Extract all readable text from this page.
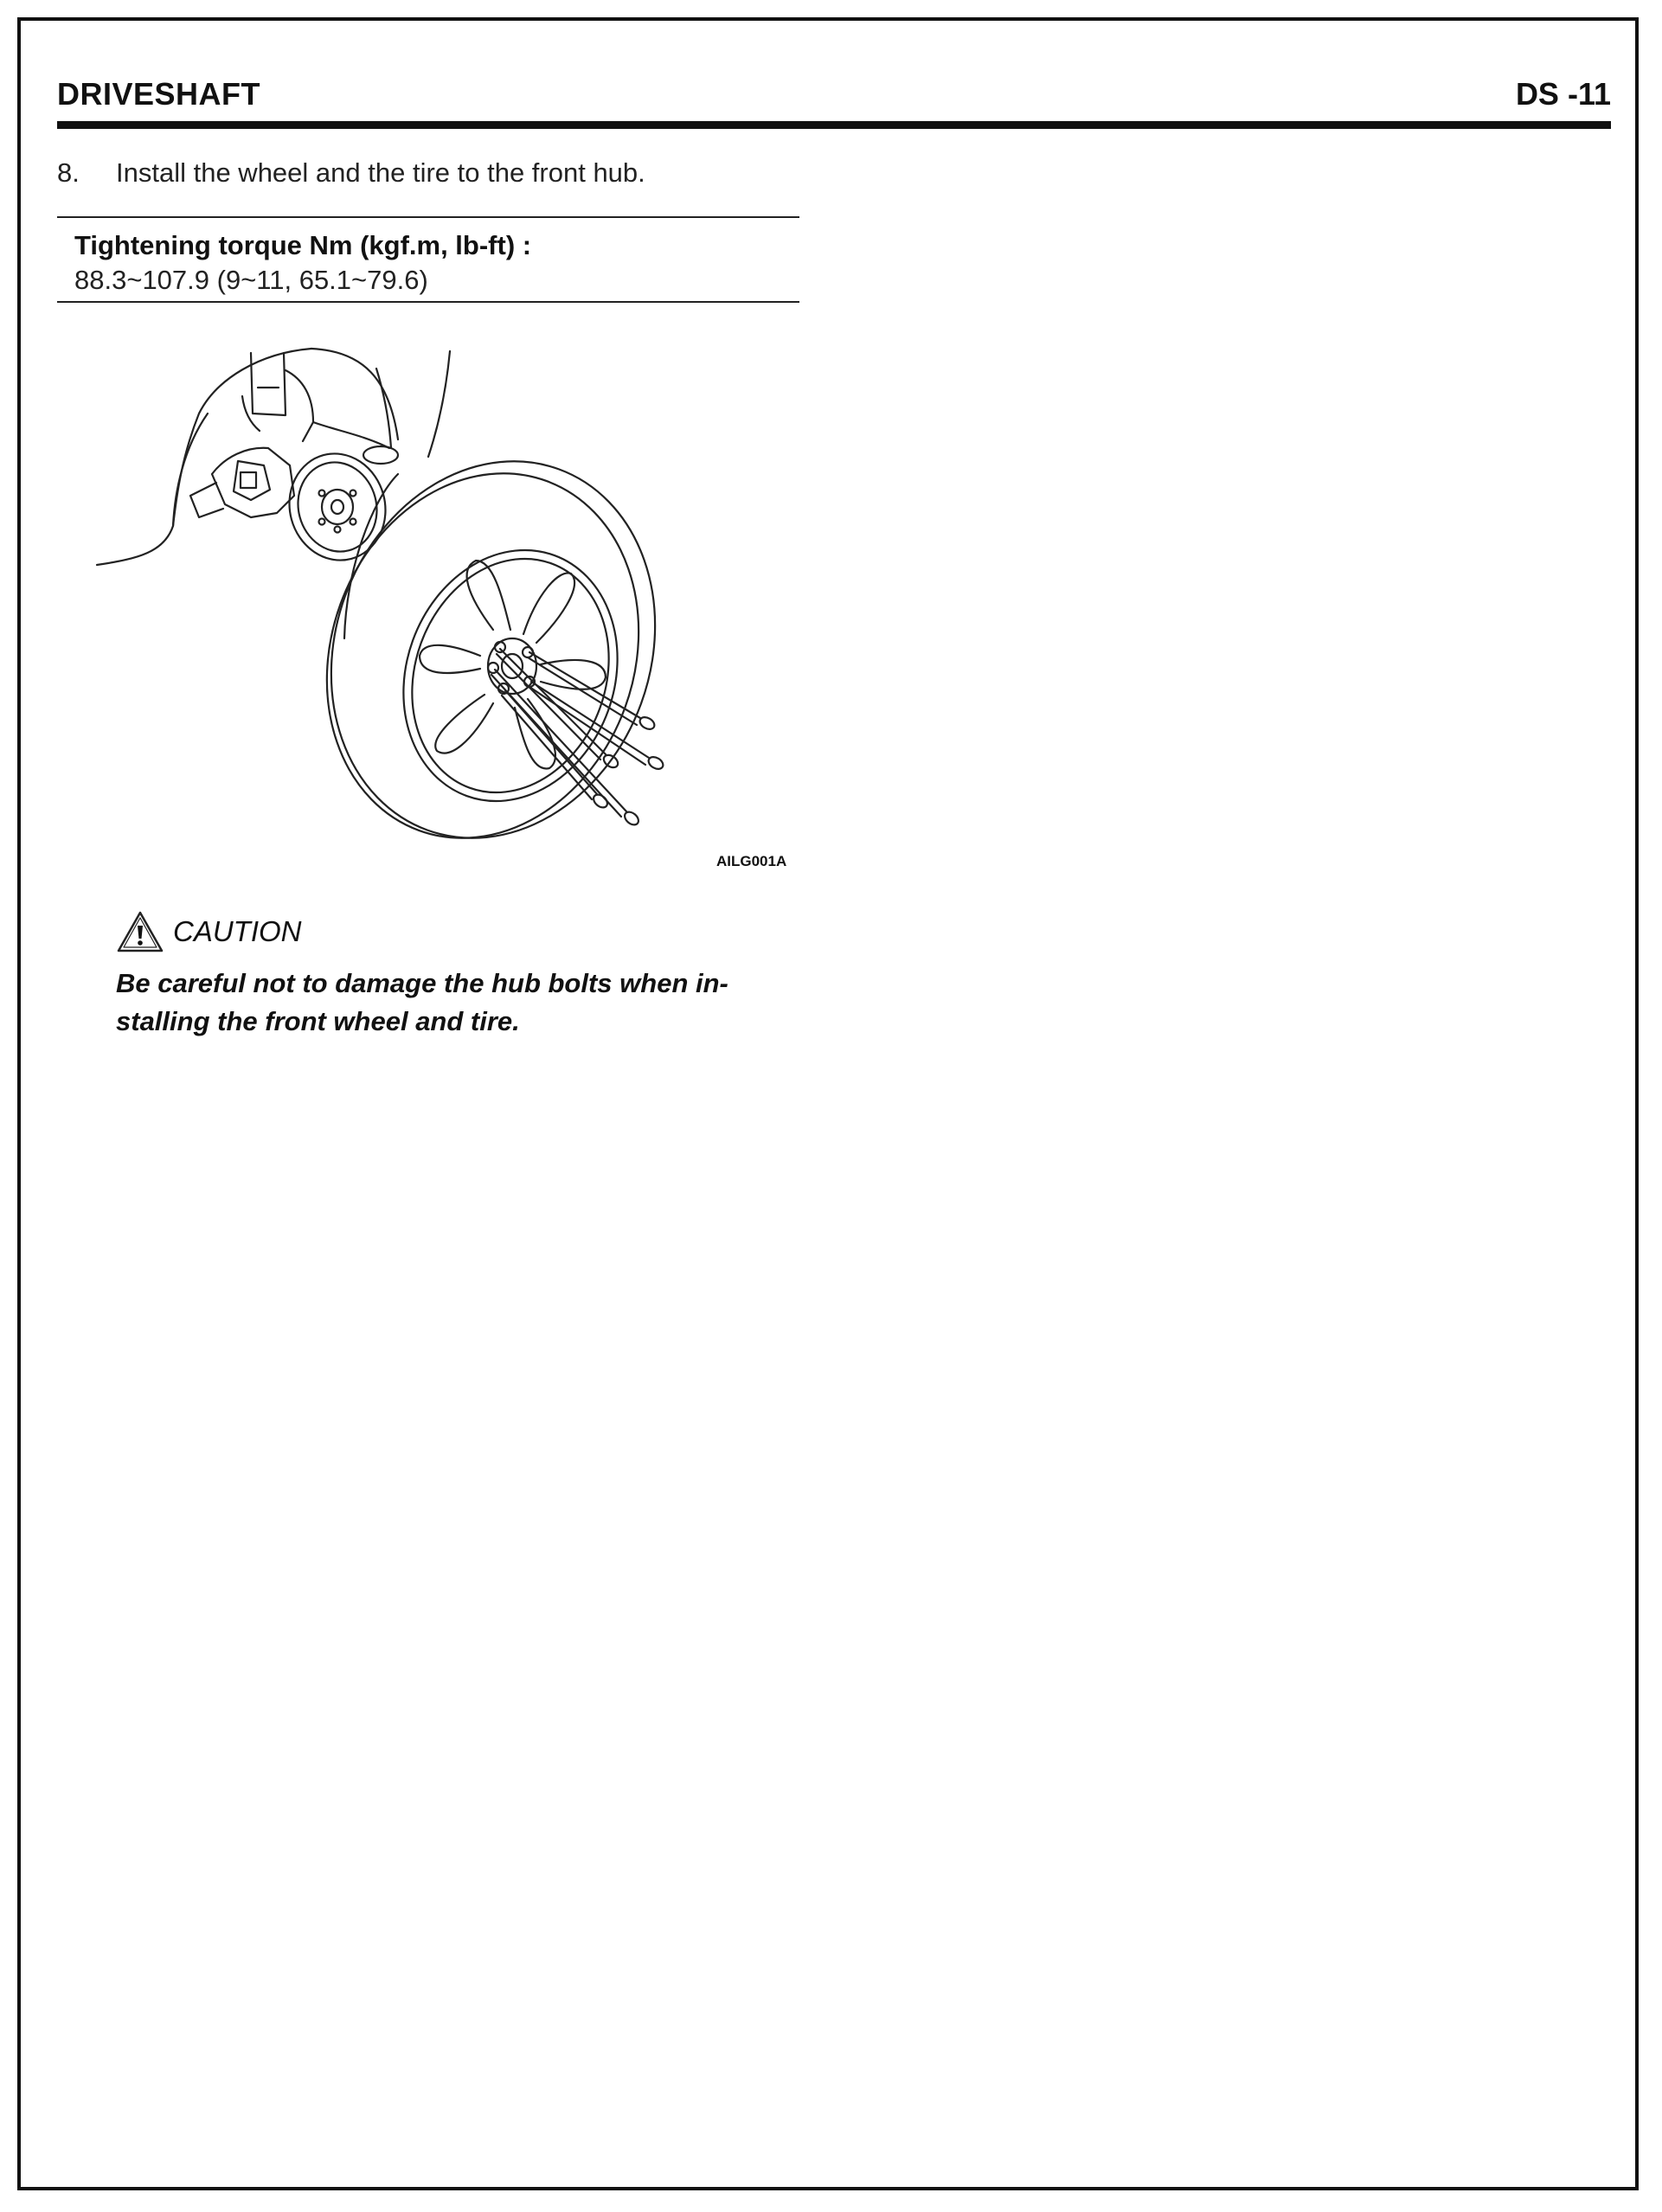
DRIVESHAFT	DS -11
8. Install the wheel and the tire to the front hub.
Tightening torque Nm (kgf.m, lb-ft) :
88.3~107.9 (9~11, 65.1~79.6)
AILG001A
CAUTION
Be careful not to damage the hub bolts when in-
stalling the front wheel and tire.
